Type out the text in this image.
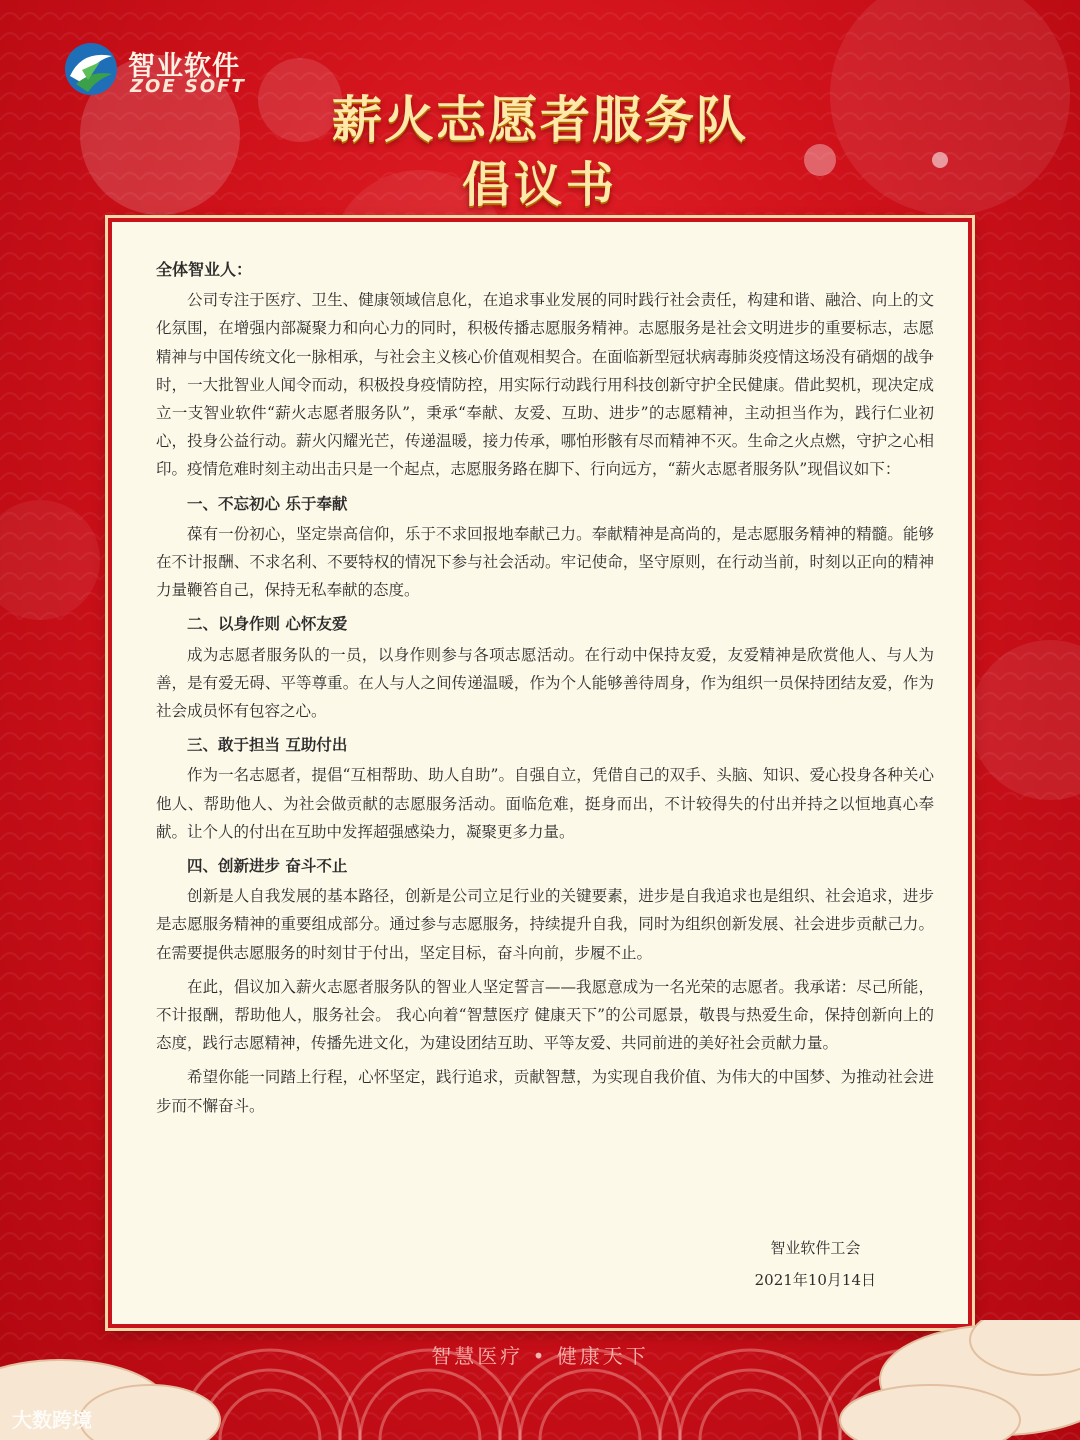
智业软件
ZOE SOFT
薪火志愿者服务队
倡议书

全体智业人：

公司专注于医疗、卫生、健康领域信息化，在追求事业发展的同时践行社会责任，构建和谐、融洽、向上的文化氛围，在增强内部凝聚力和向心力的同时，积极传播志愿服务精神。志愿服务是社会文明进步的重要标志，志愿精神与中国传统文化一脉相承，与社会主义核心价值观相契合。在面临新型冠状病毒肺炎疫情这场没有硝烟的战争时，一大批智业人闻令而动，积极投身疫情防控，用实际行动践行用科技创新守护全民健康。借此契机，现决定成立一支智业软件“薪火志愿者服务队”，秉承“奉献、友爱、互助、进步”的志愿精神，主动担当作为，践行仁业初心，投身公益行动。薪火闪耀光芒，传递温暖，接力传承，哪怕形骸有尽而精神不灭。生命之火点燃，守护之心相印。疫情危难时刻主动出击只是一个起点，志愿服务路在脚下、行向远方，“薪火志愿者服务队”现倡议如下：

一、不忘初心 乐于奉献

葆有一份初心，坚定崇高信仰，乐于不求回报地奉献己力。奉献精神是高尚的，是志愿服务精神的精髓。能够在不计报酬、不求名利、不要特权的情况下参与社会活动。牢记使命，坚守原则，在行动当前，时刻以正向的精神力量鞭笞自己，保持无私奉献的态度。

二、以身作则 心怀友爱

成为志愿者服务队的一员，以身作则参与各项志愿活动。在行动中保持友爱，友爱精神是欣赏他人、与人为善，是有爱无碍、平等尊重。在人与人之间传递温暖，作为个人能够善待周身，作为组织一员保持团结友爱，作为社会成员怀有包容之心。

三、敢于担当 互助付出

作为一名志愿者，提倡“互相帮助、助人自助”。自强自立，凭借自己的双手、头脑、知识、爱心投身各种关心他人、帮助他人、为社会做贡献的志愿服务活动。面临危难，挺身而出，不计较得失的付出并持之以恒地真心奉献。让个人的付出在互助中发挥超强感染力，凝聚更多力量。

四、创新进步 奋斗不止

创新是人自我发展的基本路径，创新是公司立足行业的关键要素，进步是自我追求也是组织、社会追求，进步是志愿服务精神的重要组成部分。通过参与志愿服务，持续提升自我，同时为组织创新发展、社会进步贡献己力。在需要提供志愿服务的时刻甘于付出，坚定目标，奋斗向前，步履不止。

在此，倡议加入薪火志愿者服务队的智业人坚定誓言——我愿意成为一名光荣的志愿者。我承诺：尽己所能，不计报酬，帮助他人，服务社会。 我心向着“智慧医疗 健康天下”的公司愿景，敬畏与热爱生命，保持创新向上的态度，践行志愿精神，传播先进文化，为建设团结互助、平等友爱、共同前进的美好社会贡献力量。

希望你能一同踏上行程，心怀坚定，践行追求，贡献智慧，为实现自我价值、为伟大的中国梦、为推动社会进步而不懈奋斗。

智业软件工会
2021年10月14日
智慧医疗 • 健康天下
大数跨境
